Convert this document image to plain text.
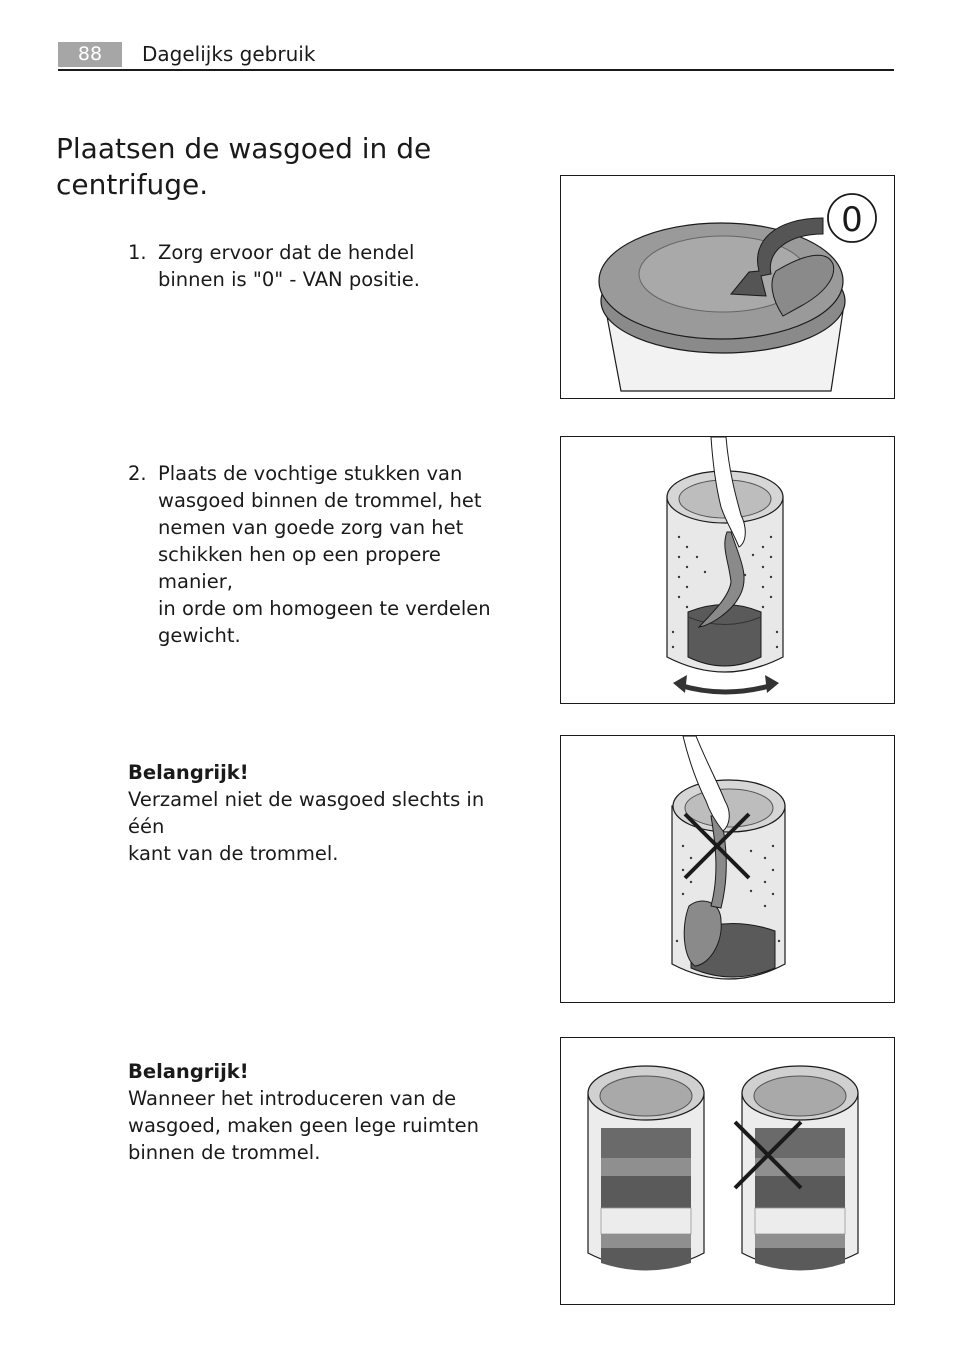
88	Dagelijks gebruik
Plaatsen de wasgoed in de centrifuge.
1. Zorg ervoor dat de hendel
binnen is "0" - VAN positie.
2. Plaats de vochtige stukken van
wasgoed binnen de trommel, het
nemen van goede zorg van het
schikken hen op een propere manier,
in orde om homogeen te verdelen
gewicht.
Belangrijk!
Verzamel niet de wasgoed slechts in één
kant van de trommel.
Belangrijk!
Wanneer het introduceren van de
wasgoed, maken geen lege ruimten
binnen de trommel.
0
